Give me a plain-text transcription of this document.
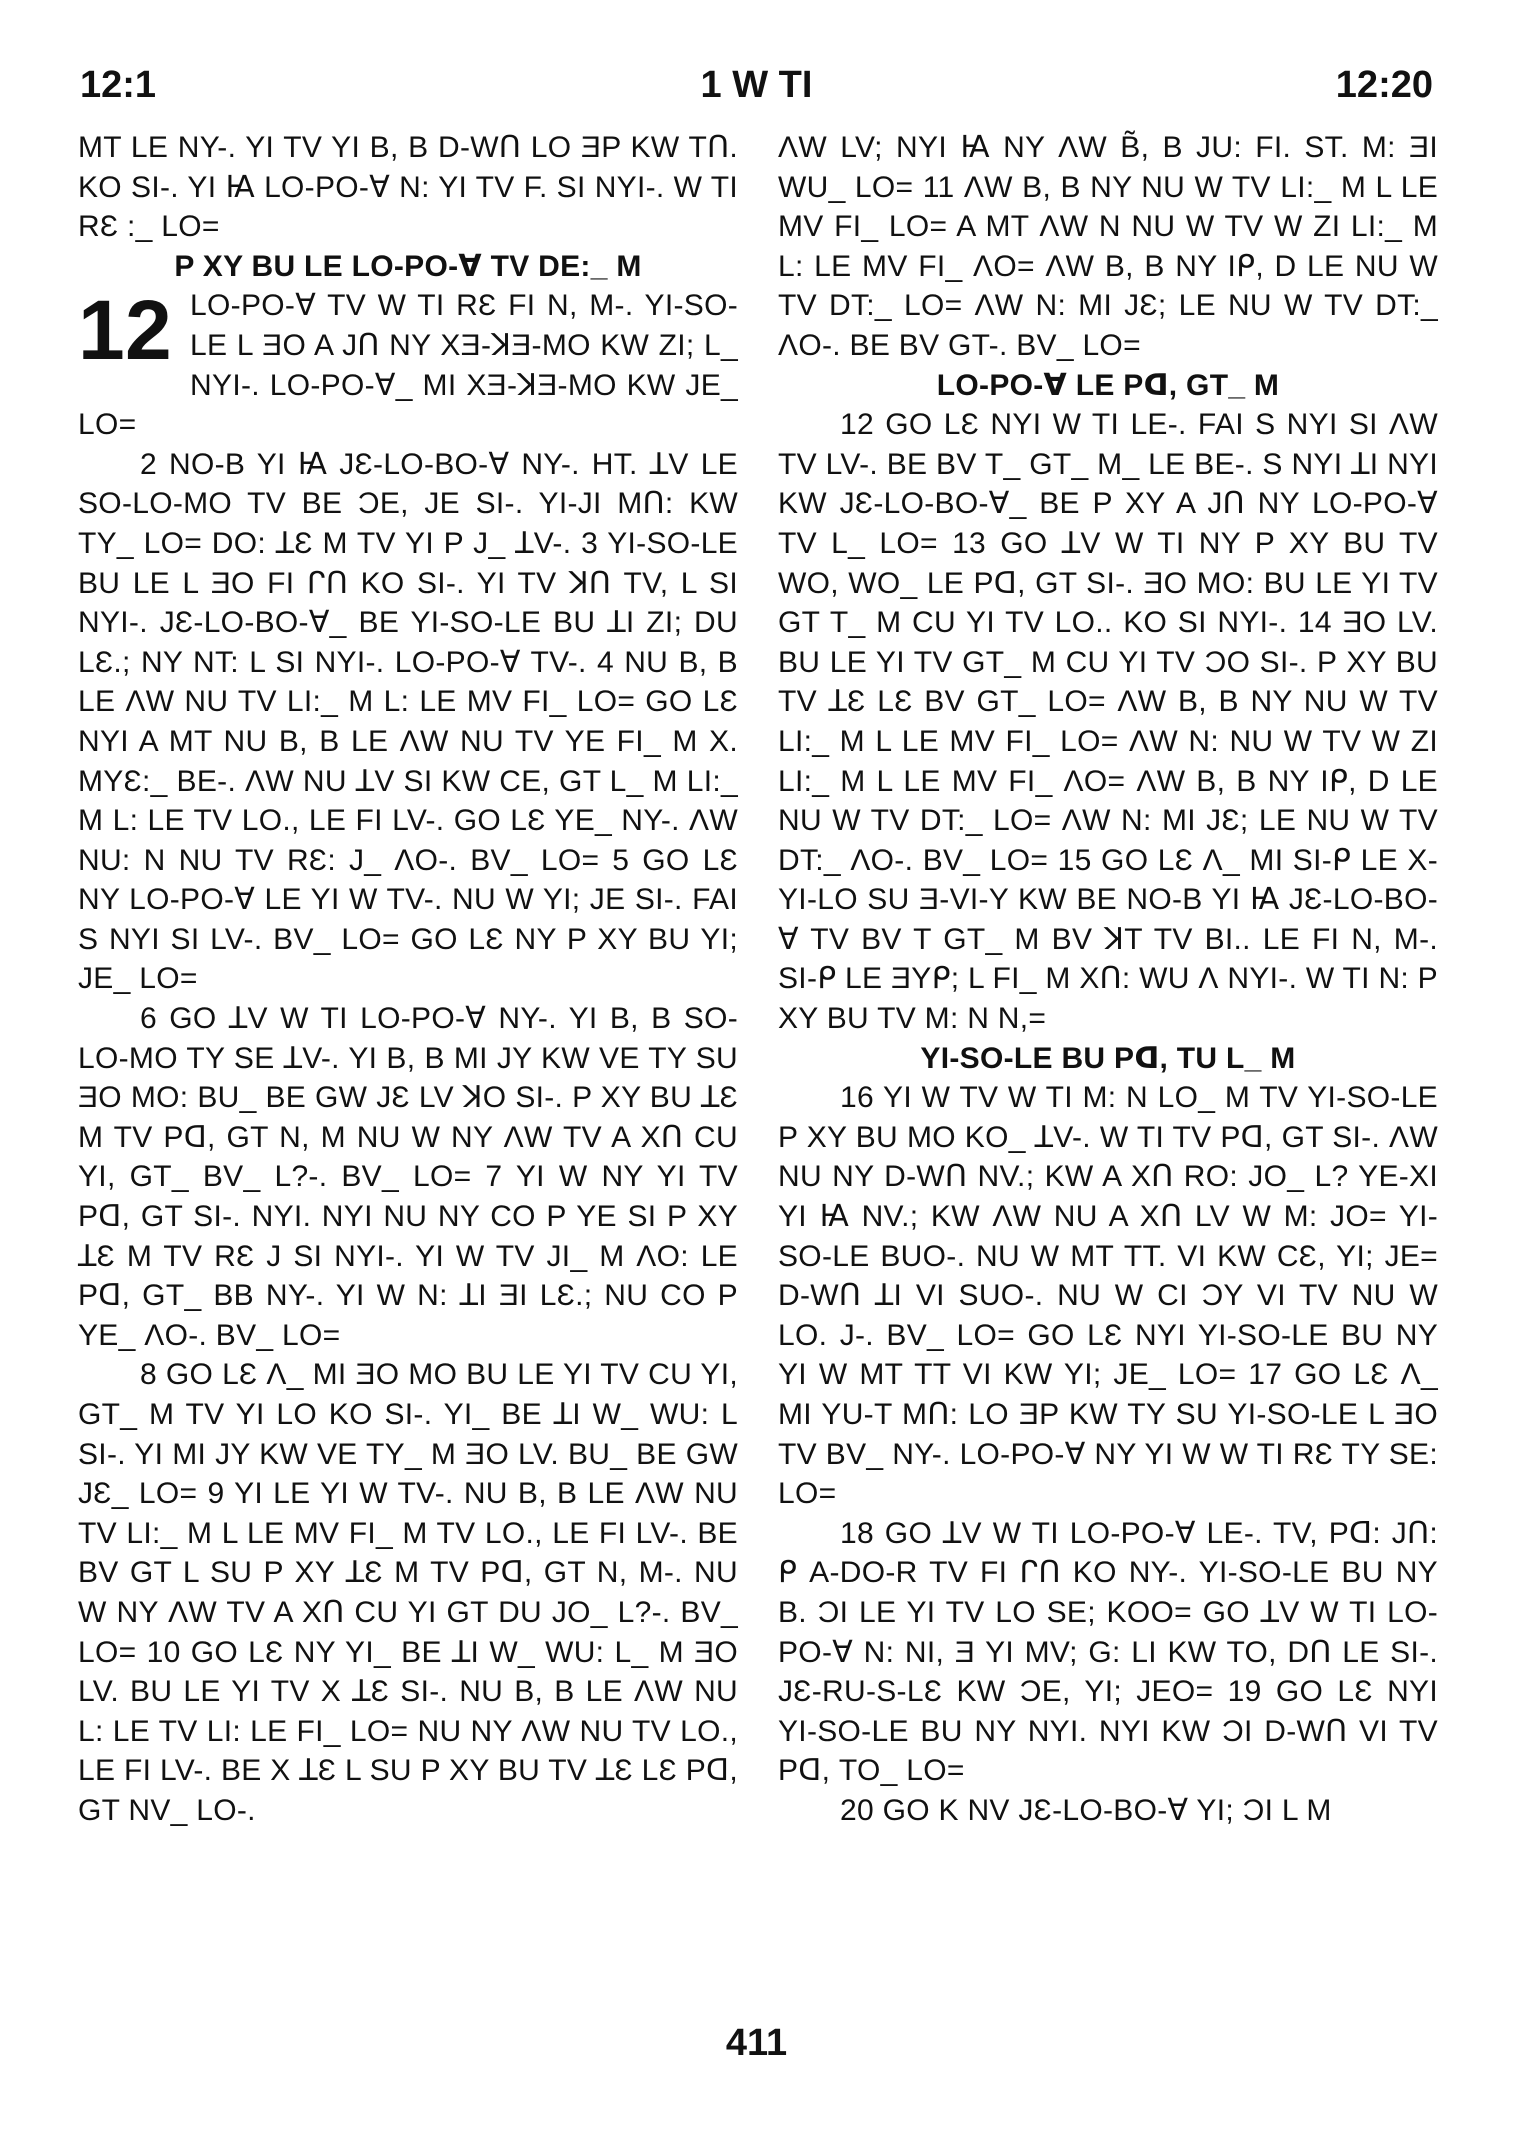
12:1	1 W TI	12:20

MT LE NY-. YI TV YI B, B D-WՈ LO ƎP KW TՈ. KO SI-. YI Ꙗ LO-PO-Ɐ N: YI TV F. SI NYI-. W TI RƐ :_ LO=

P XY BU LE LO-PO-Ɐ TV DE:_ M

12 LO-PO-Ɐ TV W TI RƐ FI N, M-. YI-SO-LE L ƎO A JՈ NY XƎ-ꓘƎ-MO KW ZI; L_ NYI-. LO-PO-Ɐ_ MI XƎ-ꓘƎ-MO KW JE_ LO=

2 NO-B YI Ꙗ JƐ-LO-BO-Ɐ NY-. HT. ꓕV LE SO-LO-MO TV BE ƆE, JE SI-. YI-JI MՈ: KW TY_ LO= DO: ꓕƐ M TV YI P J_ ꓕV-. 3 YI-SO-LE BU LE L ƎO FI ᒋՈ KO SI-. YI TV ꓘՈ TV, L SI NYI-. JƐ-LO-BO-Ɐ_ BE YI-SO-LE BU ꓕI ZI; DU LƐ.; NY NT: L SI NYI-. LO-PO-Ɐ TV-. 4 NU B, B LE ɅW NU TV LI:_ M L: LE MV FI_ LO= GO LƐ NYI A MT NU B, B LE ɅW NU TV YE FI_ M X. MYƐ:_ BE-. ɅW NU ꓕV SI KW CE, GT L_ M LI:_ M L: LE TV LO., LE FI LV-. GO LƐ YE_ NY-. ɅW NU: N NU TV RƐ: J_ ɅO-. BV_ LO= 5 GO LƐ NY LO-PO-Ɐ LE YI W TV-. NU W YI; JE SI-. FAI S NYI SI LV-. BV_ LO= GO LƐ NY P XY BU YI; JE_ LO=

6 GO ꓕV W TI LO-PO-Ɐ NY-. YI B, B SO-LO-MO TY SE ꓕV-. YI B, B MI JY KW VE TY SU ƎO MO: BU_ BE GW JƐ LV ꓘO SI-. P XY BU ꓕƐ M TV Pꓷ, GT N, M NU W NY ɅW TV A XՈ CU YI, GT_ BV_ L?-. BV_ LO= 7 YI W NY YI TV Pꓷ, GT SI-. NYI. NYI NU NY CO P YE SI P XY ꓕƐ M TV RƐ J SI NYI-. YI W TV JI_ M ɅO: LE Pꓷ, GT_ BB NY-. YI W N: ꓕI ƎI LƐ.; NU CO P YE_ ɅO-. BV_ LO=

8 GO LƐ Ʌ_ MI ƎO MO BU LE YI TV CU YI, GT_ M TV YI LO KO SI-. YI_ BE ꓕI W_ WU: L SI-. YI MI JY KW VE TY_ M ƎO LV. BU_ BE GW JƐ_ LO= 9 YI LE YI W TV-. NU B, B LE ɅW NU TV LI:_ M L LE MV FI_ M TV LO., LE FI LV-. BE BV GT L SU P XY ꓕƐ M TV Pꓷ, GT N, M-. NU W NY ɅW TV A XՈ CU YI GT DU JO_ L?-. BV_ LO= 10 GO LƐ NY YI_ BE ꓕI W_ WU: L_ M ƎO LV. BU LE YI TV X ꓕƐ SI-. NU B, B LE ɅW NU L: LE TV LI: LE FI_ LO= NU NY ɅW NU TV LO., LE FI LV-. BE X ꓕƐ L SU P XY BU TV ꓕƐ LƐ Pꓷ, GT NV_ LO-.

ɅW LV; NYI Ꙗ NY ɅW B̃, B JU: FI. ST. M: ƎI WU_ LO= 11 ɅW B, B NY NU W TV LI:_ M L LE MV FI_ LO= A MT ɅW N NU W TV W ZI LI:_ M L: LE MV FI_ ɅO= ɅW B, B NY Iᑭ, D LE NU W TV DT:_ LO= ɅW N: MI JƐ; LE NU W TV DT:_ ɅO-. BE BV GT-. BV_ LO=

LO-PO-Ɐ LE Pꓷ, GT_ M

12 GO LƐ NYI W TI LE-. FAI S NYI SI ɅW TV LV-. BE BV T_ GT_ M_ LE BE-. S NYI ꓕI NYI KW JƐ-LO-BO-Ɐ_ BE P XY A JՈ NY LO-PO-Ɐ TV L_ LO= 13 GO ꓕV W TI NY P XY BU TV WO, WO_ LE Pꓷ, GT SI-. ƎO MO: BU LE YI TV GT T_ M CU YI TV LO.. KO SI NYI-. 14 ƎO LV. BU LE YI TV GT_ M CU YI TV ƆO SI-. P XY BU TV ꓕƐ LƐ BV GT_ LO= ɅW B, B NY NU W TV LI:_ M L LE MV FI_ LO= ɅW N: NU W TV W ZI LI:_ M L LE MV FI_ ɅO= ɅW B, B NY Iᑭ, D LE NU W TV DT:_ LO= ɅW N: MI JƐ; LE NU W TV DT:_ ɅO-. BV_ LO= 15 GO LƐ Ʌ_ MI SI-ᑭ LE X-YI-LO SU Ǝ-VI-Y KW BE NO-B YI Ꙗ JƐ-LO-BO-Ɐ TV BV T GT_ M BV ꓘT TV BI.. LE FI N, M-. SI-ᑭ LE ƎYᑭ; L FI_ M XՈ: WU Ʌ NYI-. W TI N: P XY BU TV M: N N,=

YI-SO-LE BU Pꓷ, TU L_ M

16 YI W TV W TI M: N LO_ M TV YI-SO-LE P XY BU MO KO_ ꓕV-. W TI TV Pꓷ, GT SI-. ɅW NU NY D-WՈ NV.; KW A XՈ RO: JO_ L? YE-XI YI Ꙗ NV.; KW ɅW NU A XՈ LV W M: JO= YI-SO-LE BUO-. NU W MT TT. VI KW CƐ, YI; JE= D-WՈ ꓕI VI SUO-. NU W CI ƆY VI TV NU W LO. J-. BV_ LO= GO LƐ NYI YI-SO-LE BU NY YI W MT TT VI KW YI; JE_ LO= 17 GO LƐ Ʌ_ MI YU-T MՈ: LO ƎP KW TY SU YI-SO-LE L ƎO TV BV_ NY-. LO-PO-Ɐ NY YI W W TI RƐ TY SE: LO=

18 GO ꓕV W TI LO-PO-Ɐ LE-. TV, Pᗡ: JՈ: ᑭ A-DO-R TV FI ᒋՈ KO NY-. YI-SO-LE BU NY B. ƆI LE YI TV LO SE; KOO= GO ꓕV W TI LO-PO-Ɐ N: NI, Ǝ YI MV; G: LI KW TO, DՈ LE SI-. JƐ-RU-S-LƐ KW ƆE, YI; JEO= 19 GO LƐ NYI YI-SO-LE BU NY NYI. NYI KW ƆI D-WՈ VI TV Pꓷ, TO_ LO=

20 GO K NV JƐ-LO-BO-Ɐ YI; ƆI L M

411
